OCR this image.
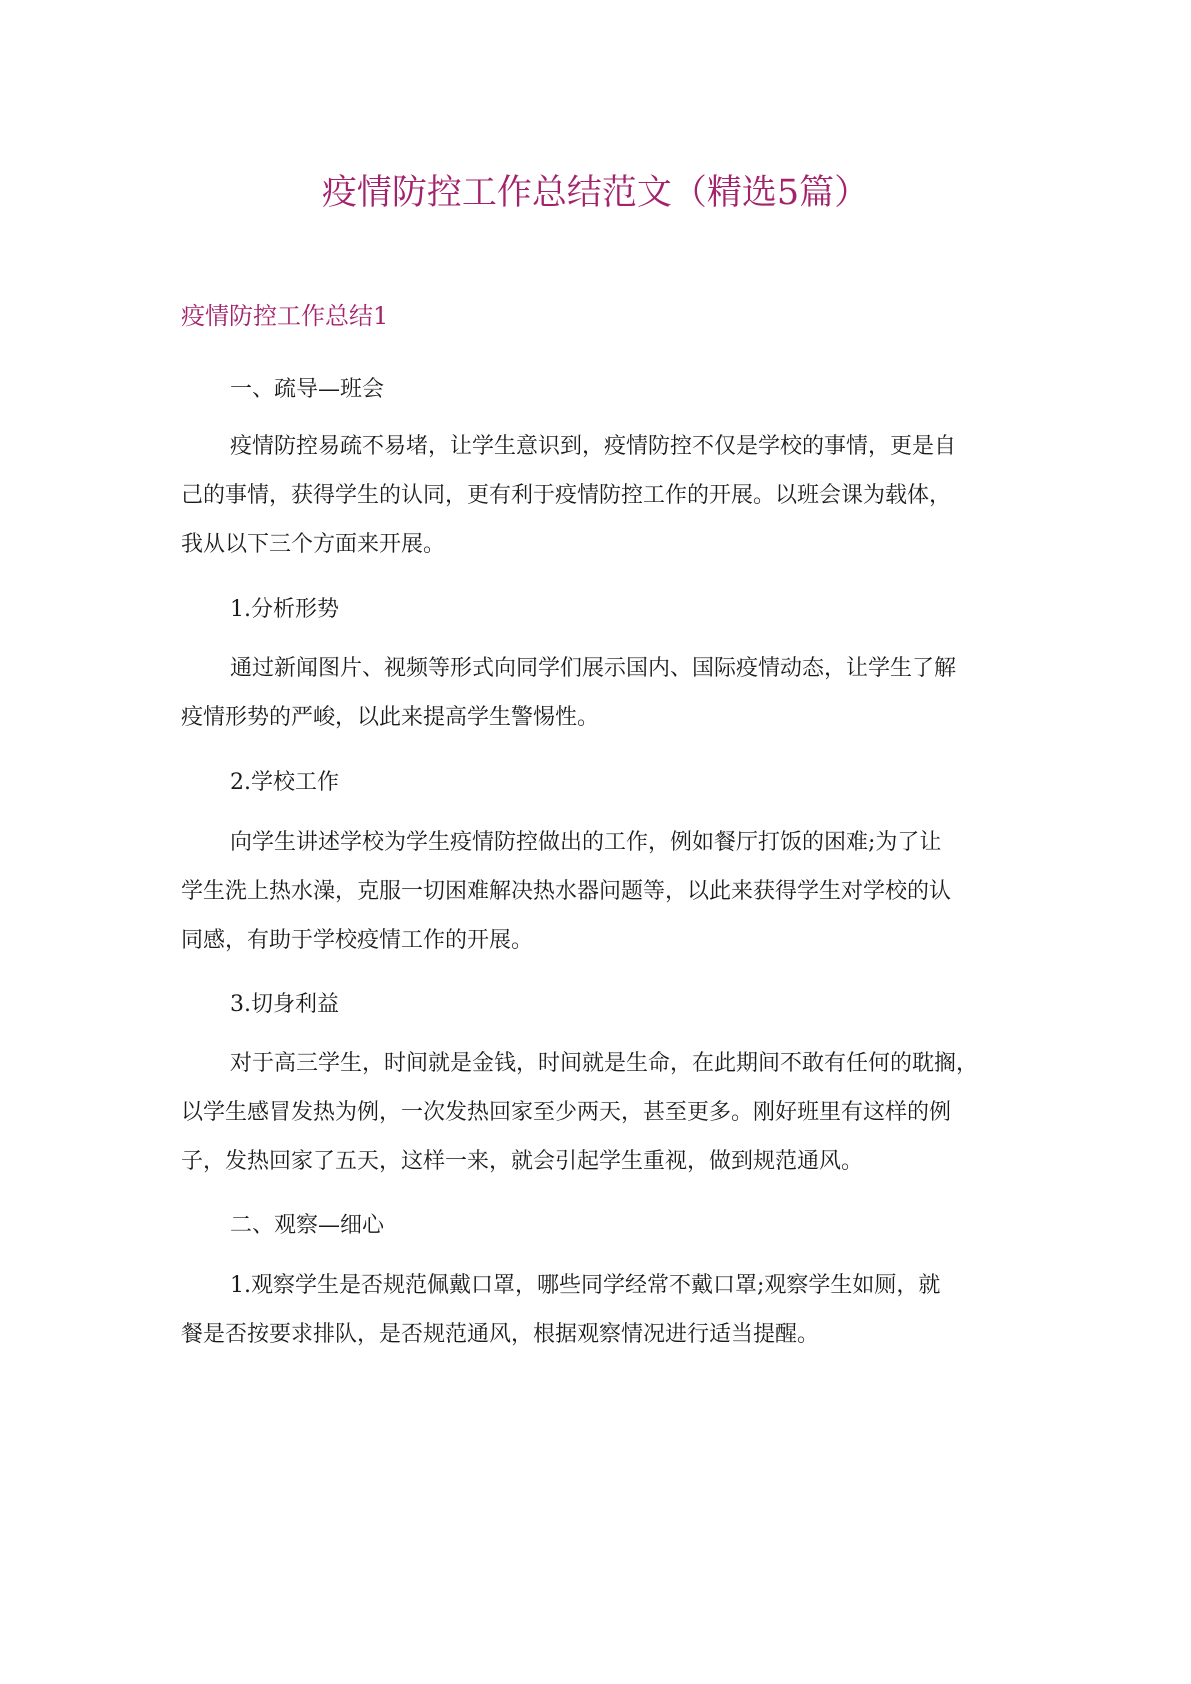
疫情防控工作总结范文（精选5篇）
疫情防控工作总结1
一、疏导—班会
疫情防控易疏不易堵，让学生意识到，疫情防控不仅是学校的事情，更是自
己的事情，获得学生的认同，更有利于疫情防控工作的开展。以班会课为载体，
我从以下三个方面来开展。
1.分析形势
通过新闻图片、视频等形式向同学们展示国内、国际疫情动态，让学生了解
疫情形势的严峻，以此来提高学生警惕性。
2.学校工作
向学生讲述学校为学生疫情防控做出的工作，例如餐厅打饭的困难;为了让
学生洗上热水澡，克服一切困难解决热水器问题等，以此来获得学生对学校的认
同感，有助于学校疫情工作的开展。
3.切身利益
对于高三学生，时间就是金钱，时间就是生命，在此期间不敢有任何的耽搁，
以学生感冒发热为例，一次发热回家至少两天，甚至更多。刚好班里有这样的例
子，发热回家了五天，这样一来，就会引起学生重视，做到规范通风。
二、观察—细心
1.观察学生是否规范佩戴口罩，哪些同学经常不戴口罩;观察学生如厕，就
餐是否按要求排队，是否规范通风，根据观察情况进行适当提醒。
